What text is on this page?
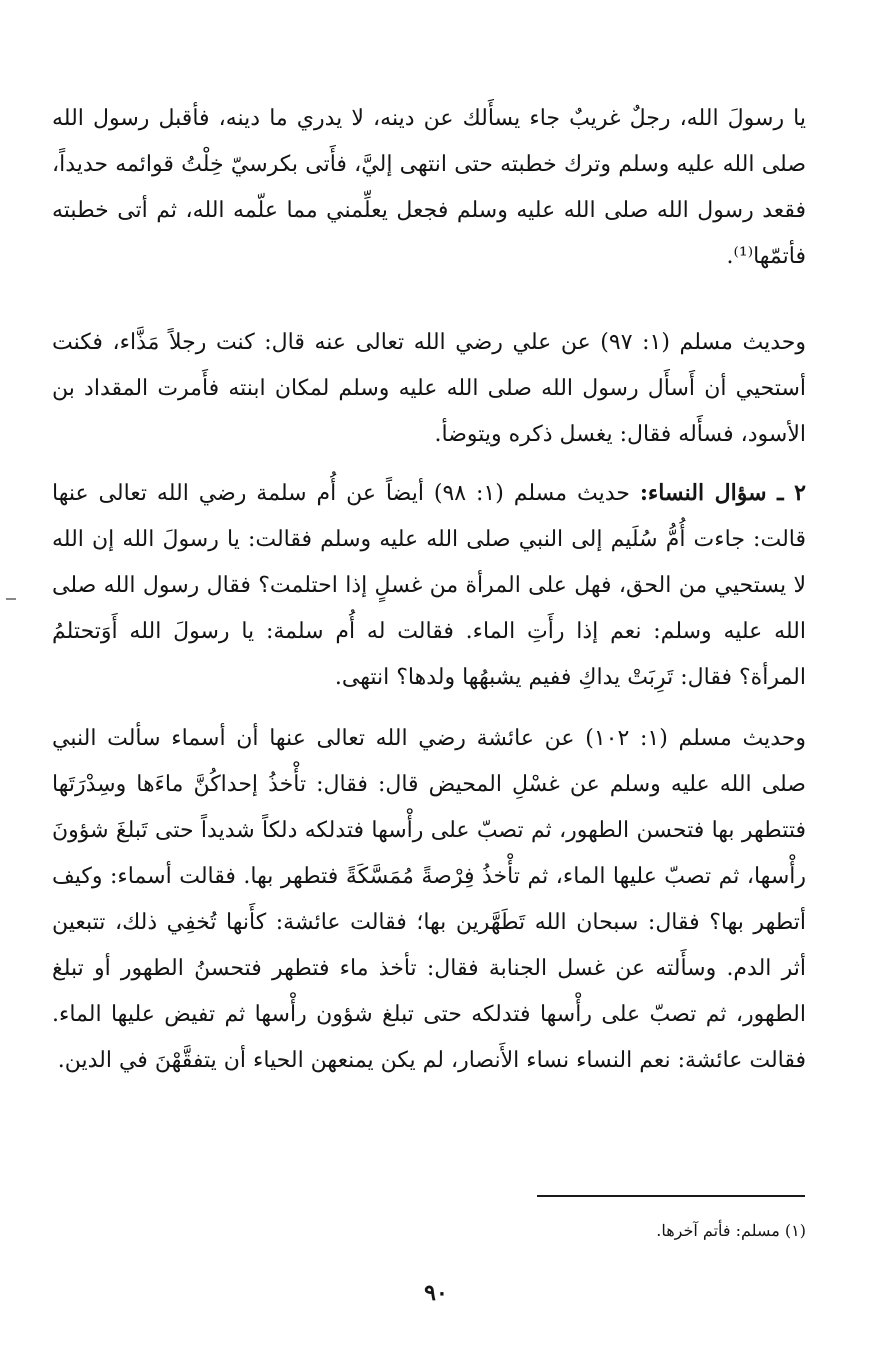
يا رسولَ الله، رجلٌ غريبٌ جاء يسأَلك عن دينه، لا يدري ما دينه، فأقبل رسول الله صلى الله عليه وسلم وترك خطبته حتى انتهى إليَّ، فأَتى بكرسيّ خِلْتُ قوائمه حديداً، فقعد رسول الله صلى الله عليه وسلم فجعل يعلِّمني مما علّمه الله، ثم أتى خطبته فأتمّها⁽¹⁾.
وحديث مسلم (١: ٩٧) عن علي رضي الله تعالى عنه قال: كنت رجلاً مَذَّاء، فكنت أستحيي أن أَسأَل رسول الله صلى الله عليه وسلم لمكان ابنته فأَمرت المقداد بن الأسود، فسأَله فقال: يغسل ذكره ويتوضأ.
٢ ـ سؤال النساء: حديث مسلم (١: ٩٨) أيضاً عن أُم سلمة رضي الله تعالى عنها قالت: جاءت أُمُّ سُلَيم إلى النبي صلى الله عليه وسلم فقالت: يا رسولَ الله إن الله لا يستحيي من الحق، فهل على المرأة من غسلٍ إذا احتلمت؟ فقال رسول الله صلى الله عليه وسلم: نعم إذا رأَتِ الماء. فقالت له أُم سلمة: يا رسولَ الله أَوَتحتلمُ المرأة؟ فقال: تَرِبَتْ يداكِ ففيم يشبهُها ولدها؟ انتهى.
وحديث مسلم (١: ١٠٢) عن عائشة رضي الله تعالى عنها أن أسماء سألت النبي صلى الله عليه وسلم عن غسْلِ المحيض قال: فقال: تأْخذُ إحداكُنَّ ماءَها وسِدْرَتَها فتتطهر بها فتحسن الطهور، ثم تصبّ على رأْسها فتدلكه دلكاً شديداً حتى تَبلغَ شؤونَ رأْسها، ثم تصبّ عليها الماء، ثم تأْخذُ فِرْصةً مُمَسَّكَةً فتطهر بها. فقالت أسماء: وكيف أتطهر بها؟ فقال: سبحان الله تَطَهَّرين بها؛ فقالت عائشة: كأَنها تُخفِي ذلك، تتبعين أثر الدم. وسأَلته عن غسل الجنابة فقال: تأخذ ماء فتطهر فتحسنُ الطهور أو تبلغ الطهور، ثم تصبّ على رأْسها فتدلكه حتى تبلغ شؤون رأْسها ثم تفيض عليها الماء. فقالت عائشة: نعم النساء نساء الأَنصار، لم يكن يمنعهن الحياء أن يتفقَّهْنَ في الدين.
(١) مسلم: فأتم آخرها.
٩٠
